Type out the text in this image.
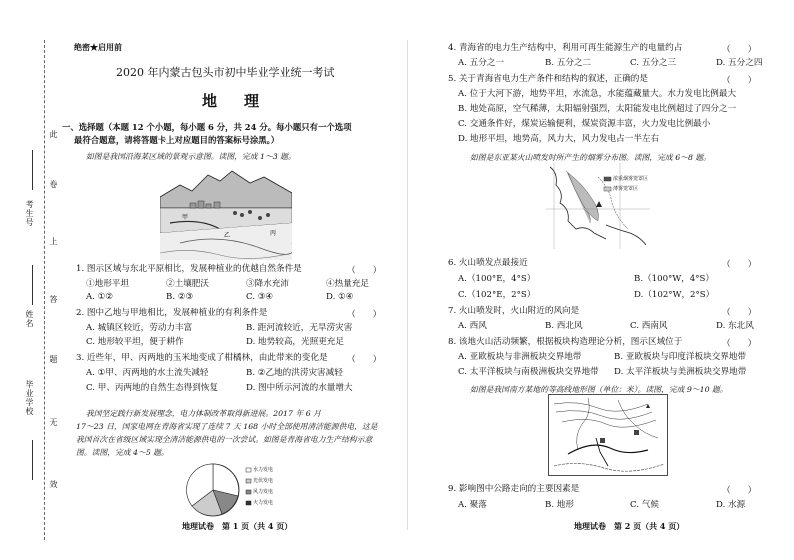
此
卷
上
答
题
无
效
考生号
姓名
毕业学校
绝密★启用前
2020 年内蒙古包头市初中毕业学业统一考试
地　理
一、选择题（本题 12 个小题，每小题 6 分，共 24 分。每小题只有一个选项
最符合题意，请将答题卡上对应题目的答案标号涂黑。）
如图是我国沿海某区域的景观示意图。读图，完成 1～3 题。
甲
乙	丙
1. 图示区域与东北平原相比，发展种植业的优越自然条件是	（　　）
①地形平坦	②土壤肥沃	③降水充沛	④热量充足
A. ①②	B. ②③	C. ③④	D. ①④
2. 图中乙地与甲地相比，发展种植业的有利条件是	（　　）
A. 城镇区较近，劳动力丰富	B. 距河流较近，无旱涝灾害
C. 地形较平坦，便于耕作	D. 地势较高，光照更充足
3. 近些年，甲、丙两地的玉米地变成了柑橘林，由此带来的变化是 （　　）
A. ①甲、丙两地的水土流失减轻	B. ②乙地的洪涝灾害减轻
C. 甲、丙两地的自然生态得到恢复	D. 图中所示河流的水量增大
我国坚定践行新发展理念，电力体制改革取得新进展。2017 年 6 月
17～23 日，国家电网在青海省实现了连续 7 天 168 小时全部使用清洁能源供电，这是
我国首次在省级区域实现全清洁能源供电的一次尝试。如图是青海省电力生产结构示意
图。读图，完成 4～5 题。
水力发电
光伏发电
风力发电
火力发电
地理试卷　第 1 页（共 4 页）
4. 青海省的电力生产结构中，利用可再生能源生产的电量约占	（　　）
A. 五分之一	B. 五分之二	C. 五分之三	D. 五分之四
5. 关于青海省电力生产条件和结构的叙述，正确的是	（　　）
A. 位于大河下游，地势平坦，水流急，水能蕴藏量大。水力发电比例最大
B. 地处高原，空气稀薄，太阳辐射强烈，太阳能发电比例超过了四分之一
C. 交通条件好，煤炭运输便利，煤炭资源丰富，火力发电比例最小
D. 地形平坦，地势高，风力大，风力发电占一半左右
如图是东亚某火山喷发时所产生的烟雾分布图。读图，完成 6～8 题。
浓重烟雾笼罩区
薄雾笼罩区
6. 火山喷发点最接近	（　　）
A.（100°E，4°S）	B.（100°W，4°S）
C.（102°E，2°S）	D.（102°W，2°S）
7. 火山喷发时，火山附近的风向是	（　　）
A. 西风	B. 西北风	C. 西南风	D. 东北风
8. 该地火山活动频繁，根据板块构造理论分析，图示区域位于	（　　）
A. 亚欧板块与非洲板块交界地带	B. 亚欧板块与印度洋板块交界地带
C. 太平洋板块与南极洲板块交界地带 D. 太平洋板块与美洲板块交界地带
如图是我国南方某地的等高线地形图（单位：米）。读图，完成 9～10 题。
9. 影响图中公路走向的主要因素是	（　　）
A. 聚落	B. 地形	C. 气候	D. 水源
地理试卷　第 2 页（共 4 页）
